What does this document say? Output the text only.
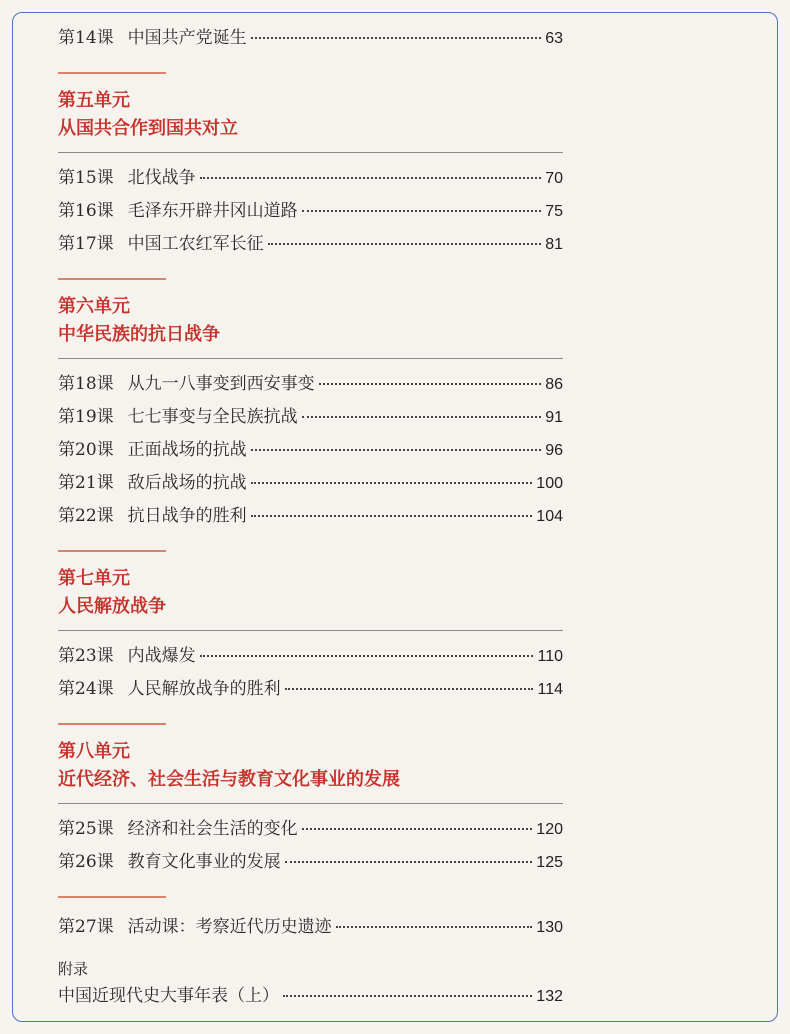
第14课 中国共产党诞生	63
第五单元
从国共合作到国共对立
第15课 北伐战争	70
第16课 毛泽东开辟井冈山道路	75
第17课 中国工农红军长征	81
第六单元
中华民族的抗日战争
第18课 从九一八事变到西安事变	86
第19课 七七事变与全民族抗战	91
第20课 正面战场的抗战	96
第21课 敌后战场的抗战	100
第22课 抗日战争的胜利	104
第七单元
人民解放战争
第23课 内战爆发	110
第24课 人民解放战争的胜利	114
第八单元
近代经济、社会生活与教育文化事业的发展
第25课 经济和社会生活的变化	120
第26课 教育文化事业的发展	125
第27课 活动课：考察近代历史遗迹	130
附录
中国近现代史大事年表（上）	132
